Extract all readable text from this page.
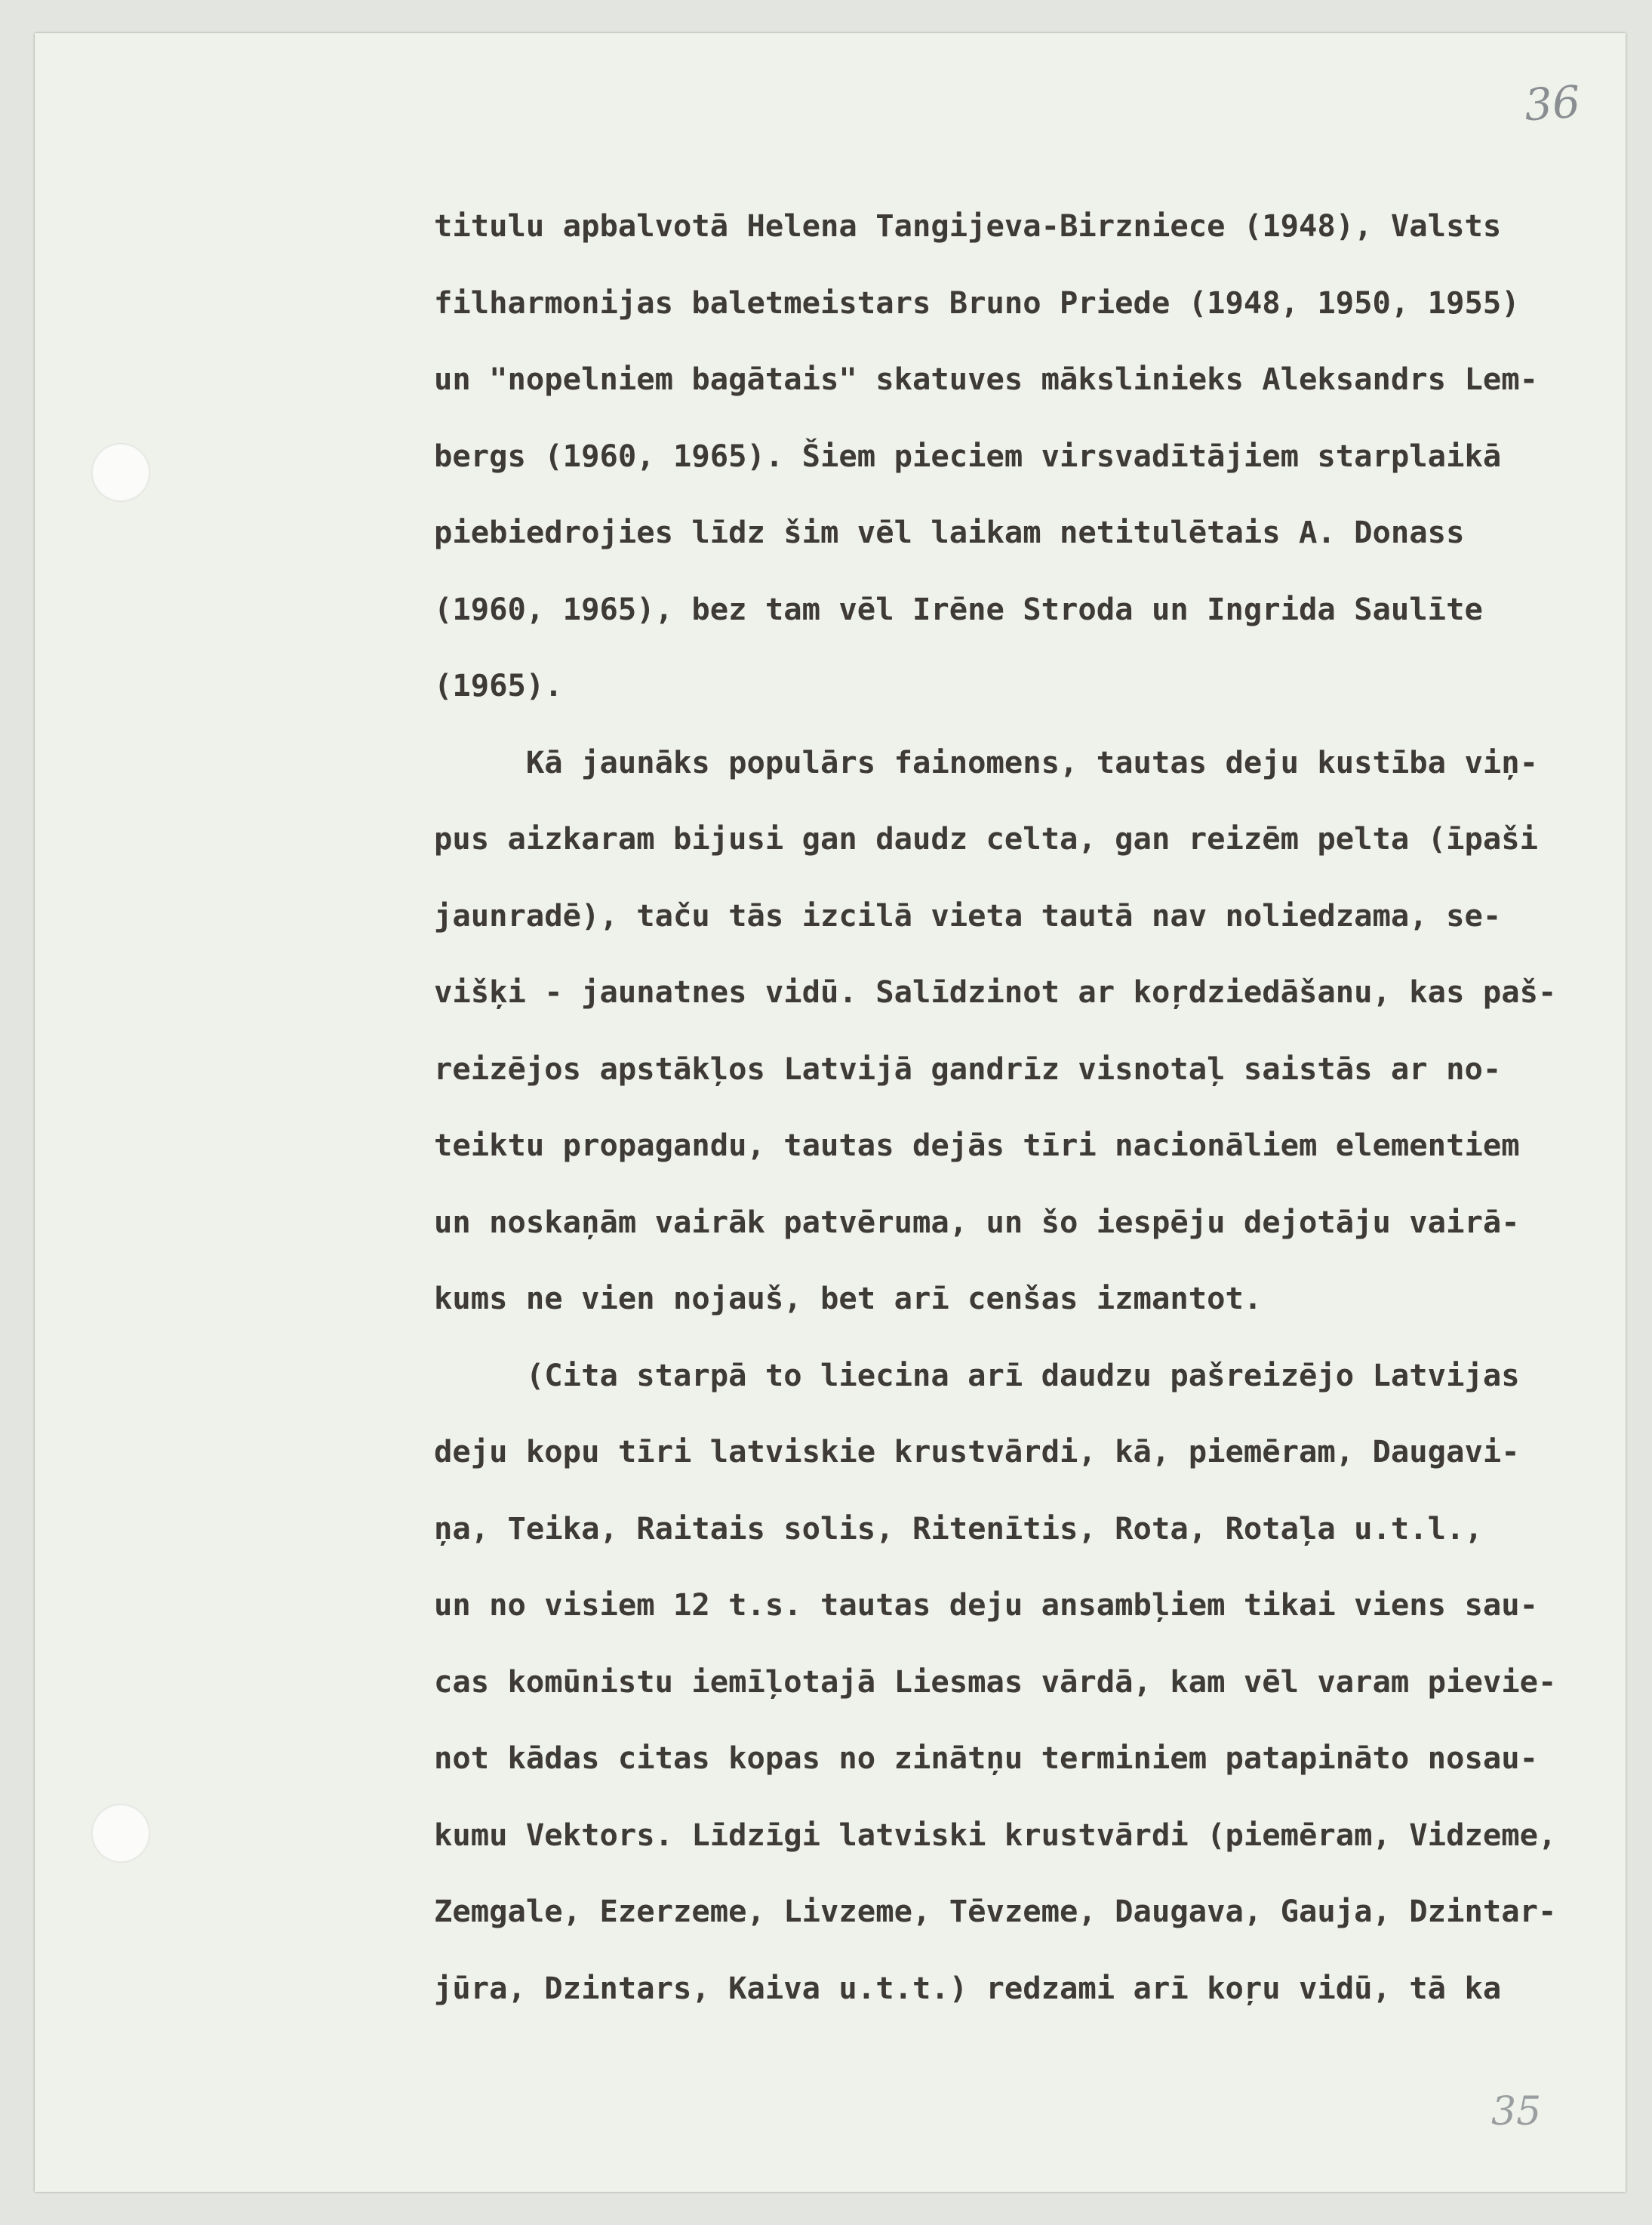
36
35
titulu apbalvotā Helena Tangijeva-Birzniece (1948), Valsts
filharmonijas baletmeistars Bruno Priede (1948, 1950, 1955)
un "nopelniem bagātais" skatuves mākslinieks Aleksandrs Lem-
bergs (1960, 1965). Šiem pieciem virsvadītājiem starplaikā
piebiedrojies līdz šim vēl laikam netitulētais A. Donass
(1960, 1965), bez tam vēl Irēne Stroda un Ingrida Saulīte
(1965).
Kā jaunāks populārs fainomens, tautas deju kustība viņ-
pus aizkaram bijusi gan daudz celta, gan reizēm pelta (īpaši
jaunradē), taču tās izcilā vieta tautā nav noliedzama, se-
višķi - jaunatnes vidū. Salīdzinot ar koŗdziedāšanu, kas paš-
reizējos apstākļos Latvijā gandrīz visnotaļ saistās ar no-
teiktu propagandu, tautas dejās tīri nacionāliem elementiem
un noskaņām vairāk patvēruma, un šo iespēju dejotāju vairā-
kums ne vien nojauš, bet arī cenšas izmantot.
(Cita starpā to liecina arī daudzu pašreizējo Latvijas
deju kopu tīri latviskie krustvārdi, kā, piemēram, Daugavi-
ņa, Teika, Raitais solis, Ritenītis, Rota, Rotaļa u.t.l.,
un no visiem 12 t.s. tautas deju ansambļiem tikai viens sau-
cas komūnistu iemīļotajā Liesmas vārdā, kam vēl varam pievie-
not kādas citas kopas no zinātņu terminiem patapināto nosau-
kumu Vektors. Līdzīgi latviski krustvārdi (piemēram, Vidzeme,
Zemgale, Ezerzeme, Livzeme, Tēvzeme, Daugava, Gauja, Dzintar-
jūra, Dzintars, Kaiva u.t.t.) redzami arī koŗu vidū, tā ka
